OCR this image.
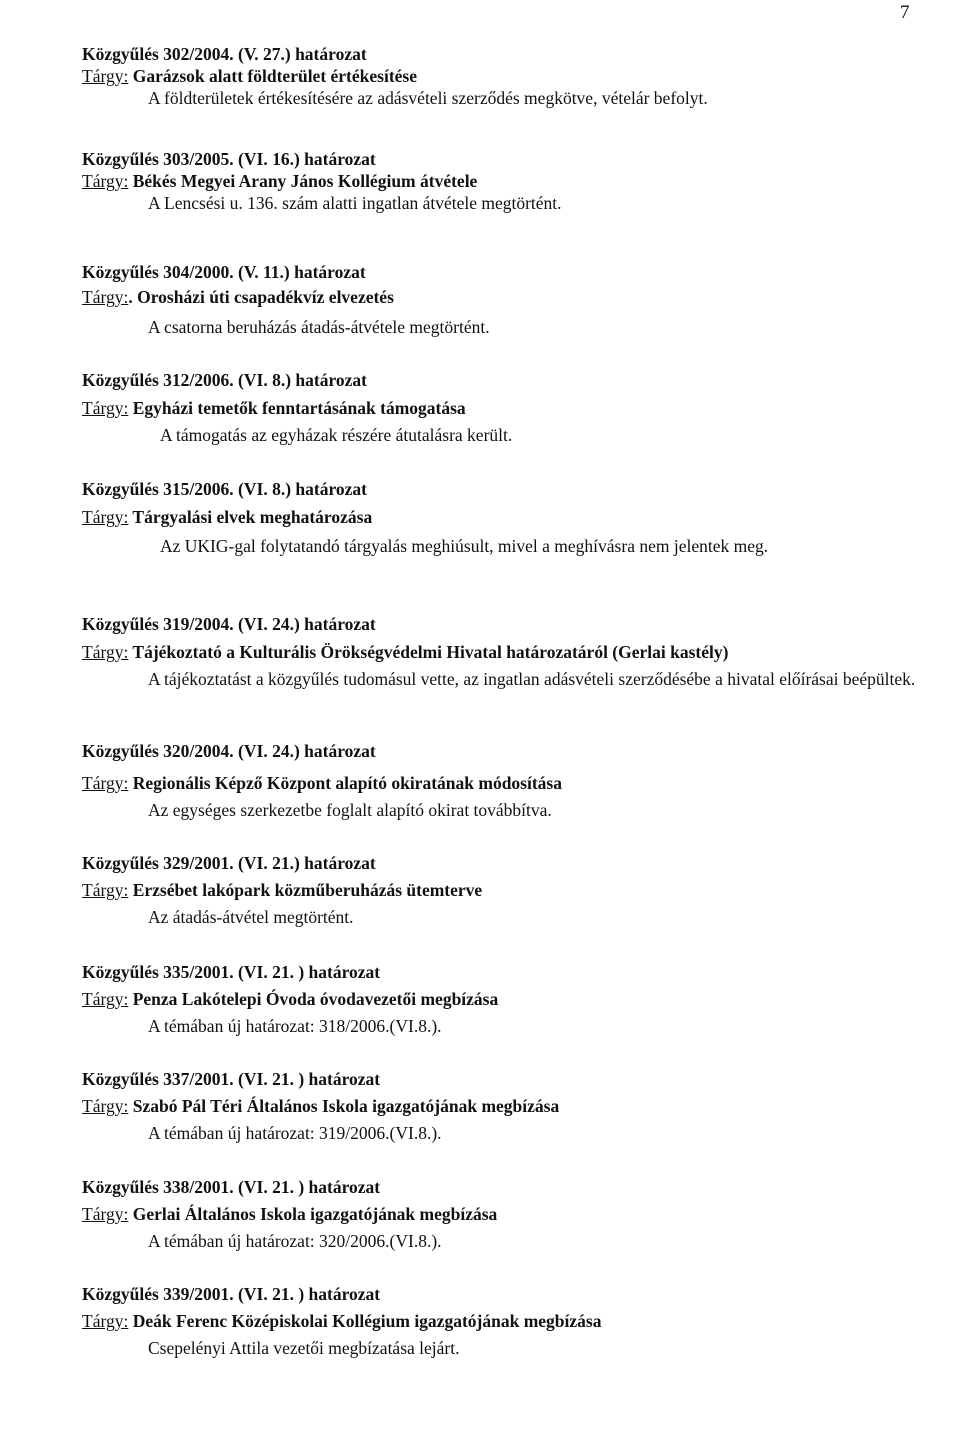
7
Közgyűlés 302/2004. (V. 27.) határozat
Tárgy: Garázsok alatt földterület értékesítése
A földterületek értékesítésére az adásvételi szerződés megkötve, vételár befolyt.
Közgyűlés 303/2005. (VI. 16.) határozat
Tárgy: Békés Megyei Arany János Kollégium átvétele
A Lencsési u. 136. szám alatti ingatlan átvétele megtörtént.
Közgyűlés 304/2000. (V. 11.) határozat
Tárgy:. Orosházi úti csapadékvíz elvezetés
A csatorna beruházás átadás-átvétele megtörtént.
Közgyűlés 312/2006. (VI. 8.) határozat
Tárgy: Egyházi temetők fenntartásának támogatása
A támogatás az egyházak részére átutalásra került.
Közgyűlés 315/2006. (VI. 8.) határozat
Tárgy: Tárgyalási elvek meghatározása
Az UKIG-gal folytatandó tárgyalás meghiúsult, mivel a meghívásra nem jelentek meg.
Közgyűlés 319/2004. (VI. 24.) határozat
Tárgy: Tájékoztató a Kulturális Örökségvédelmi Hivatal határozatáról (Gerlai kastély)
A tájékoztatást a közgyűlés tudomásul vette, az ingatlan adásvételi szerződésébe a hivatal előírásai beépültek.
Közgyűlés 320/2004. (VI. 24.) határozat
Tárgy: Regionális Képző Központ alapító okiratának módosítása
Az egységes szerkezetbe foglalt alapító okirat továbbítva.
Közgyűlés 329/2001. (VI. 21.) határozat
Tárgy: Erzsébet lakópark közműberuházás ütemterve
Az átadás-átvétel megtörtént.
Közgyűlés 335/2001. (VI. 21. ) határozat
Tárgy: Penza Lakótelepi Óvoda óvodavezetői megbízása
A témában új határozat: 318/2006.(VI.8.).
Közgyűlés 337/2001. (VI. 21. ) határozat
Tárgy: Szabó Pál Téri Általános Iskola igazgatójának megbízása
A témában új határozat: 319/2006.(VI.8.).
Közgyűlés 338/2001. (VI. 21. ) határozat
Tárgy: Gerlai Általános Iskola igazgatójának megbízása
A témában új határozat: 320/2006.(VI.8.).
Közgyűlés 339/2001. (VI. 21. ) határozat
Tárgy: Deák Ferenc Középiskolai Kollégium igazgatójának megbízása
Csepelényi Attila vezetői megbízatása lejárt.
